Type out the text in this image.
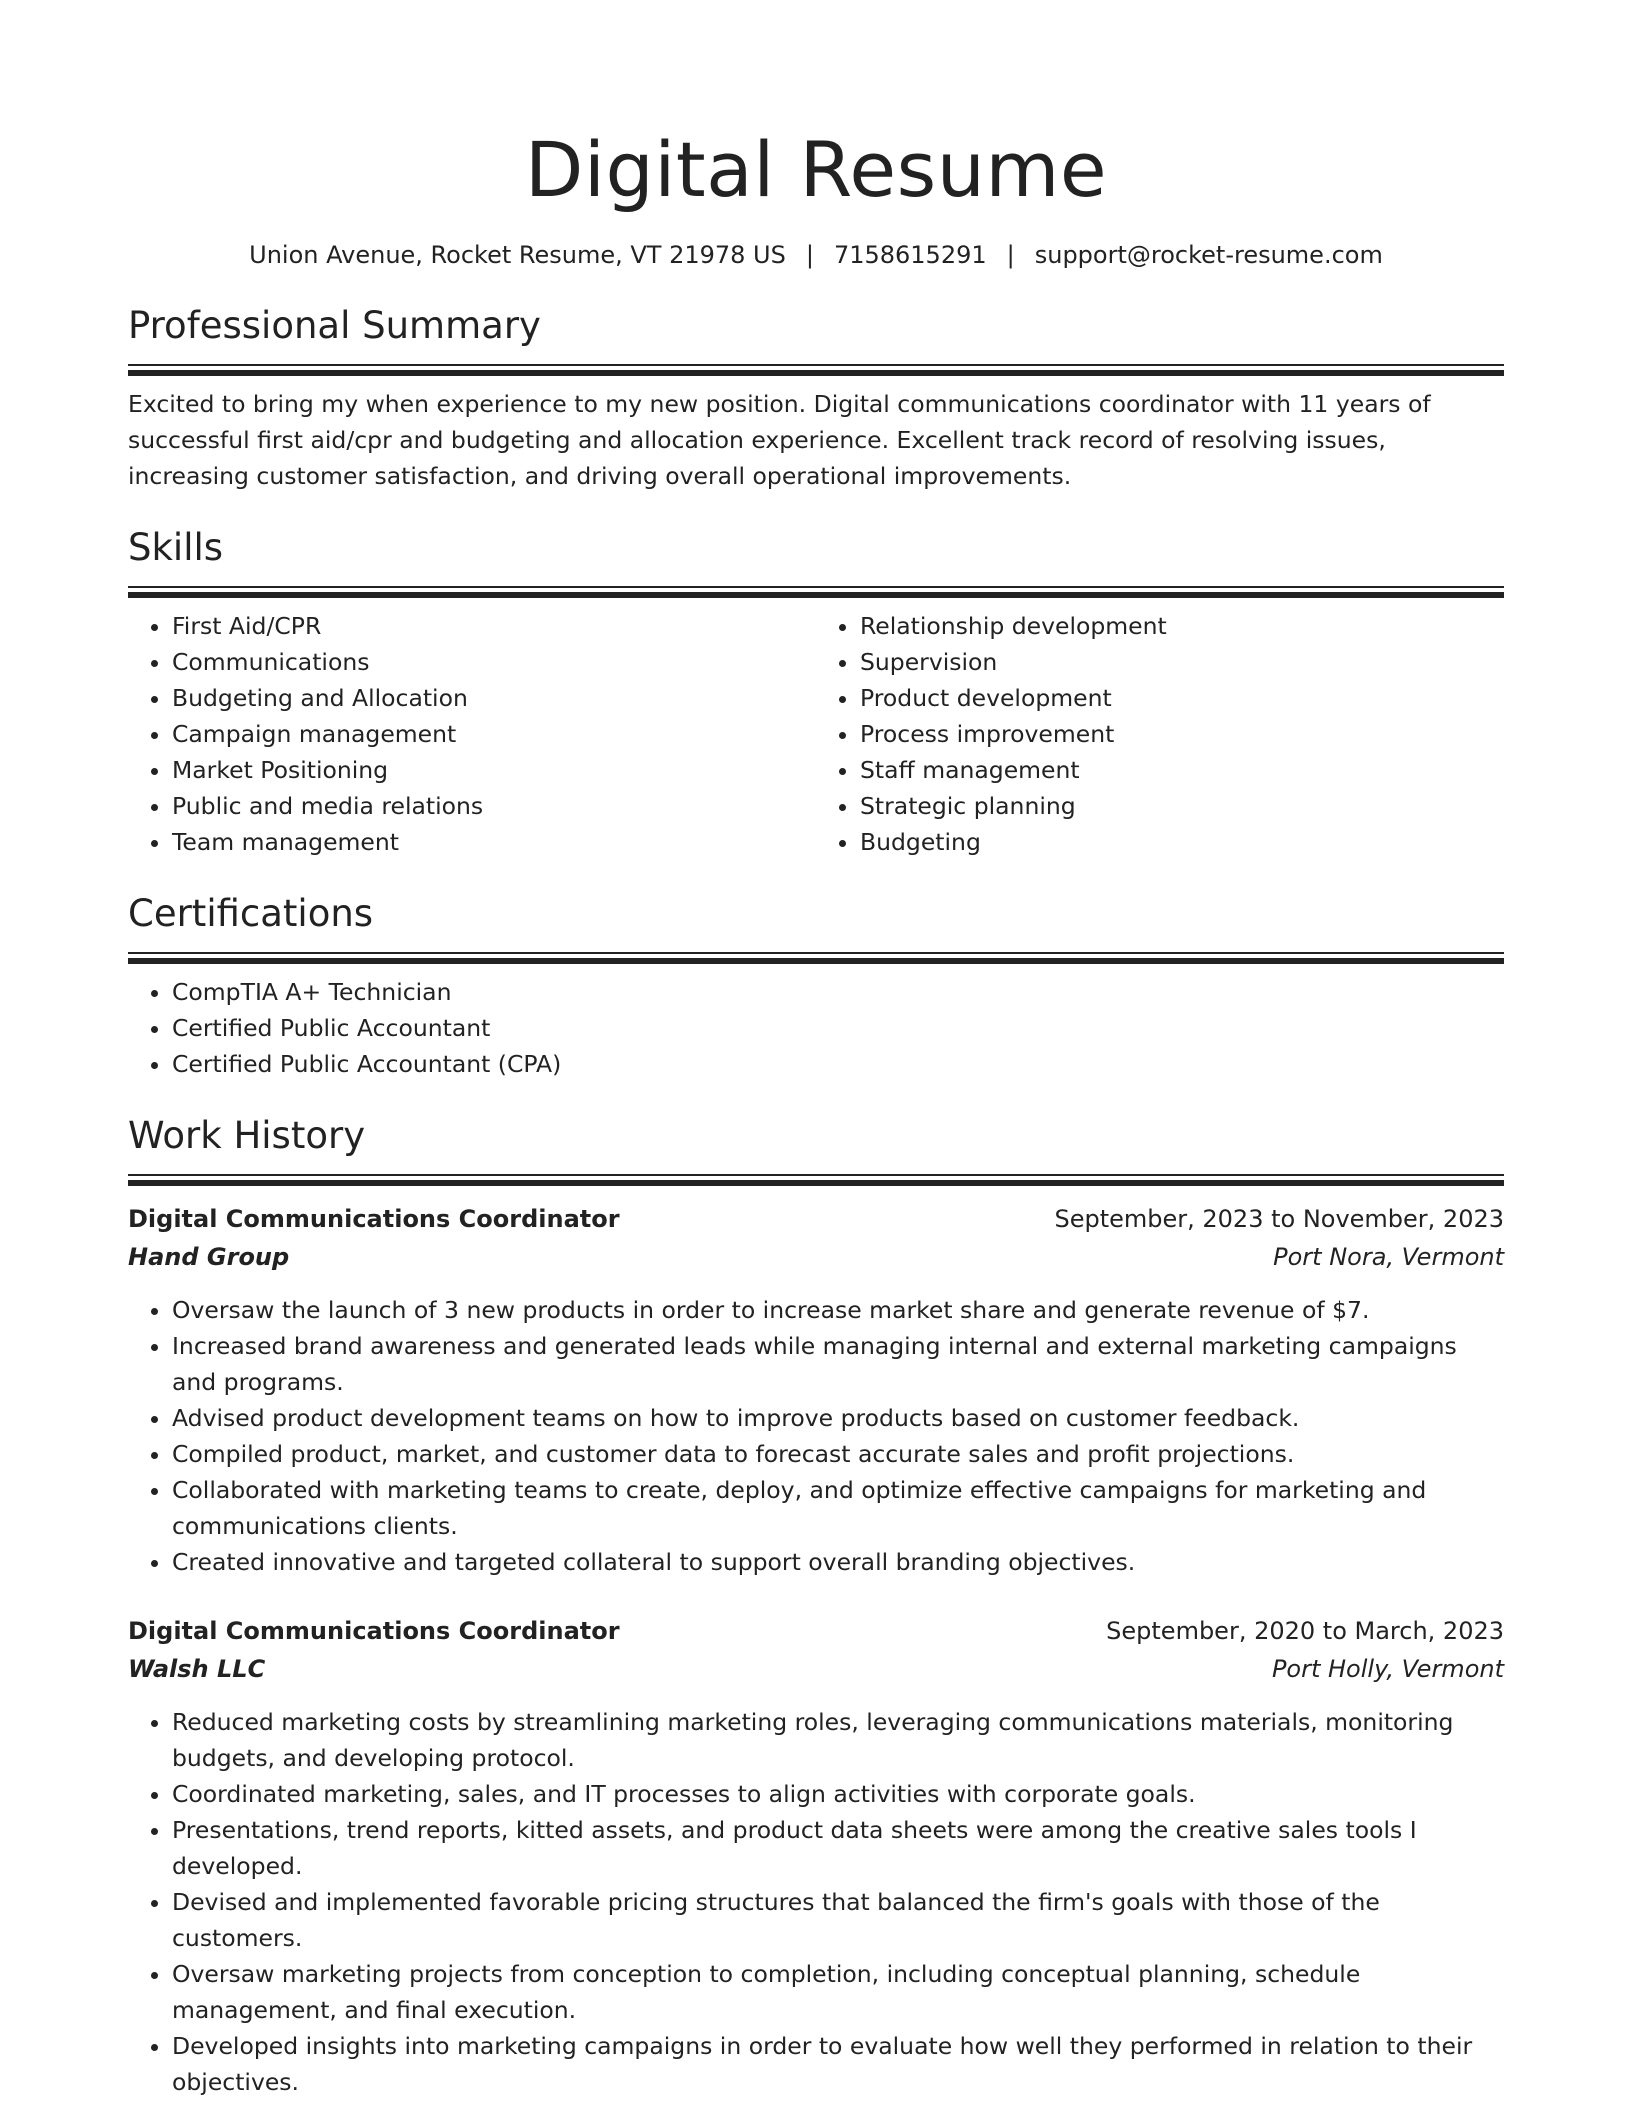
Digital Resume
Union Avenue, Rocket Resume, VT 21978 US | 7158615291 | support@rocket-resume.com
Professional Summary
Excited to bring my when experience to my new position. Digital communications coordinator with 11 years of successful first aid/cpr and budgeting and allocation experience. Excellent track record of resolving issues, increasing customer satisfaction, and driving overall operational improvements.
Skills
• First Aid/CPR
• Communications
• Budgeting and Allocation
• Campaign management
• Market Positioning
• Public and media relations
• Team management
• Relationship development
• Supervision
• Product development
• Process improvement
• Staff management
• Strategic planning
• Budgeting
Certifications
• CompTIA A+ Technician
• Certified Public Accountant
• Certified Public Accountant (CPA)
Work History
Digital Communications Coordinator	September, 2023 to November, 2023
Hand Group	Port Nora, Vermont
• Oversaw the launch of 3 new products in order to increase market share and generate revenue of $7.
• Increased brand awareness and generated leads while managing internal and external marketing campaigns and programs.
• Advised product development teams on how to improve products based on customer feedback.
• Compiled product, market, and customer data to forecast accurate sales and profit projections.
• Collaborated with marketing teams to create, deploy, and optimize effective campaigns for marketing and communications clients.
• Created innovative and targeted collateral to support overall branding objectives.
Digital Communications Coordinator	September, 2020 to March, 2023
Walsh LLC	Port Holly, Vermont
• Reduced marketing costs by streamlining marketing roles, leveraging communications materials, monitoring budgets, and developing protocol.
• Coordinated marketing, sales, and IT processes to align activities with corporate goals.
• Presentations, trend reports, kitted assets, and product data sheets were among the creative sales tools I developed.
• Devised and implemented favorable pricing structures that balanced the firm's goals with those of the customers.
• Oversaw marketing projects from conception to completion, including conceptual planning, schedule management, and final execution.
• Developed insights into marketing campaigns in order to evaluate how well they performed in relation to their objectives.
